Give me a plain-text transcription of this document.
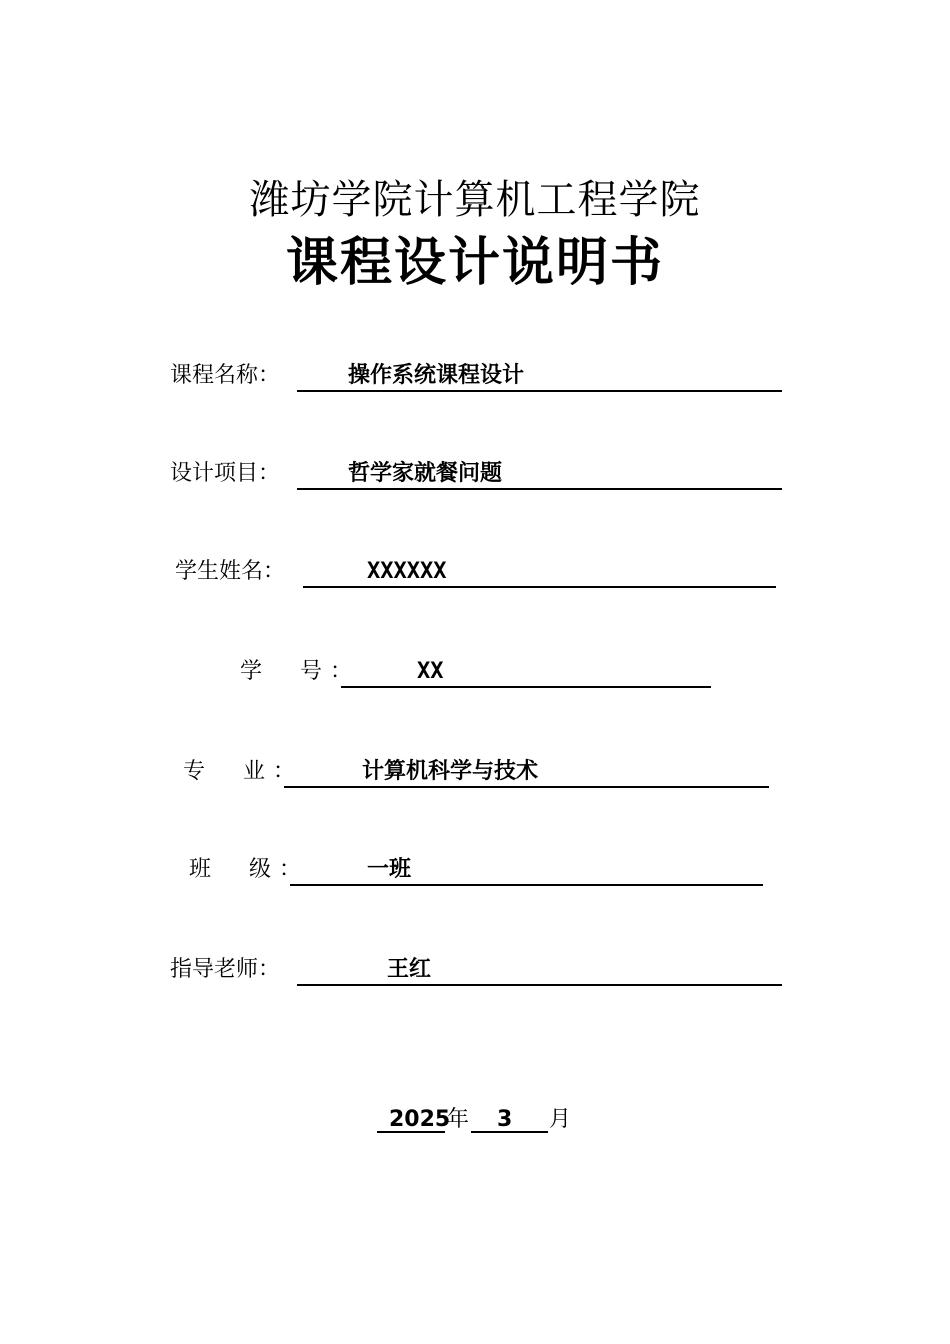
潍坊学院计算机工程学院
课程设计说明书
课程名称：	操作系统课程设计
设计项目：	哲学家就餐问题
学生姓名：	XXXXXX
学　号：	XX
专　业：	计算机科学与技术
班　级：	一班
指导老师：	王红
2025
年 3 月
